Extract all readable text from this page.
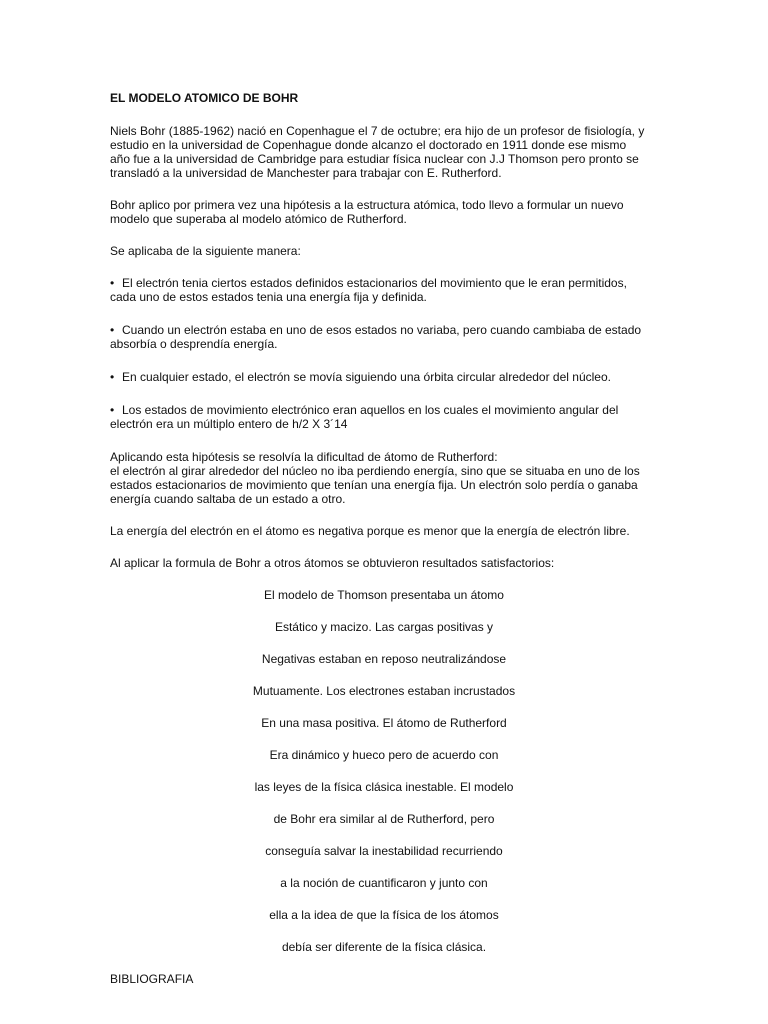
EL MODELO ATOMICO DE BOHR
Niels Bohr (1885-1962) nació en Copenhague el 7 de octubre; era hijo de un profesor de fisiología, y
estudio en la universidad de Copenhague donde alcanzo el doctorado en 1911 donde ese mismo
año fue a la universidad de Cambridge para estudiar física nuclear con J.J Thomson pero pronto se
transladó a la universidad de Manchester para trabajar con E. Rutherford.
Bohr aplico por primera vez una hipótesis a la estructura atómica, todo llevo a formular un nuevo
modelo que superaba al modelo atómico de Rutherford.
Se aplicaba de la siguiente manera:
• El electrón tenia ciertos estados definidos estacionarios del movimiento que le eran permitidos,
cada uno de estos estados tenia una energía fija y definida.
• Cuando un electrón estaba en uno de esos estados no variaba, pero cuando cambiaba de estado
absorbía o desprendía energía.
• En cualquier estado, el electrón se movía siguiendo una órbita circular alrededor del núcleo.
• Los estados de movimiento electrónico eran aquellos en los cuales el movimiento angular del
electrón era un múltiplo entero de h/2 X 3´14
Aplicando esta hipótesis se resolvía la dificultad de átomo de Rutherford:
el electrón al girar alrededor del núcleo no iba perdiendo energía, sino que se situaba en uno de los
estados estacionarios de movimiento que tenían una energía fija. Un electrón solo perdía o ganaba
energía cuando saltaba de un estado a otro.
La energía del electrón en el átomo es negativa porque es menor que la energía de electrón libre.
Al aplicar la formula de Bohr a otros átomos se obtuvieron resultados satisfactorios:
El modelo de Thomson presentaba un átomo
Estático y macizo. Las cargas positivas y
Negativas estaban en reposo neutralizándose
Mutuamente. Los electrones estaban incrustados
En una masa positiva. El átomo de Rutherford
Era dinámico y hueco pero de acuerdo con
las leyes de la física clásica inestable. El modelo
de Bohr era similar al de Rutherford, pero
conseguía salvar la inestabilidad recurriendo
a la noción de cuantificaron y junto con
ella a la idea de que la física de los átomos
debía ser diferente de la física clásica.
BIBLIOGRAFIA
